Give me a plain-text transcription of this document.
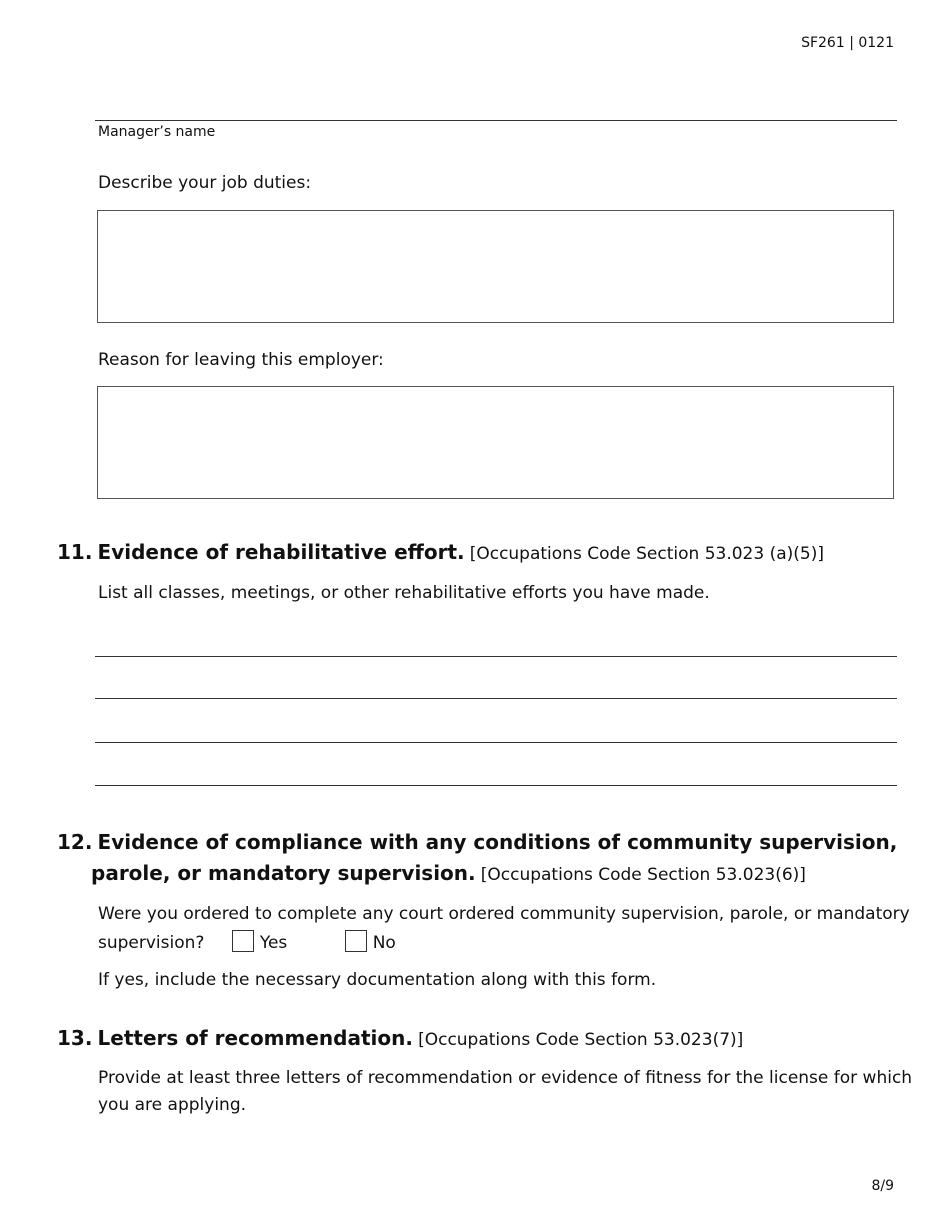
SF261 | 0121
Manager’s name
Describe your job duties:
Reason for leaving this employer:
11. Evidence of rehabilitative effort. [Occupations Code Section 53.023 (a)(5)]
List all classes, meetings, or other rehabilitative efforts you have made.
12. Evidence of compliance with any conditions of community supervision,
parole, or mandatory supervision. [Occupations Code Section 53.023(6)]
Were you ordered to complete any court ordered community supervision, parole, or mandatory
supervision?	Yes	No
If yes, include the necessary documentation along with this form.
13. Letters of recommendation. [Occupations Code Section 53.023(7)]
Provide at least three letters of recommendation or evidence of fitness for the license for which
you are applying.
8/9
